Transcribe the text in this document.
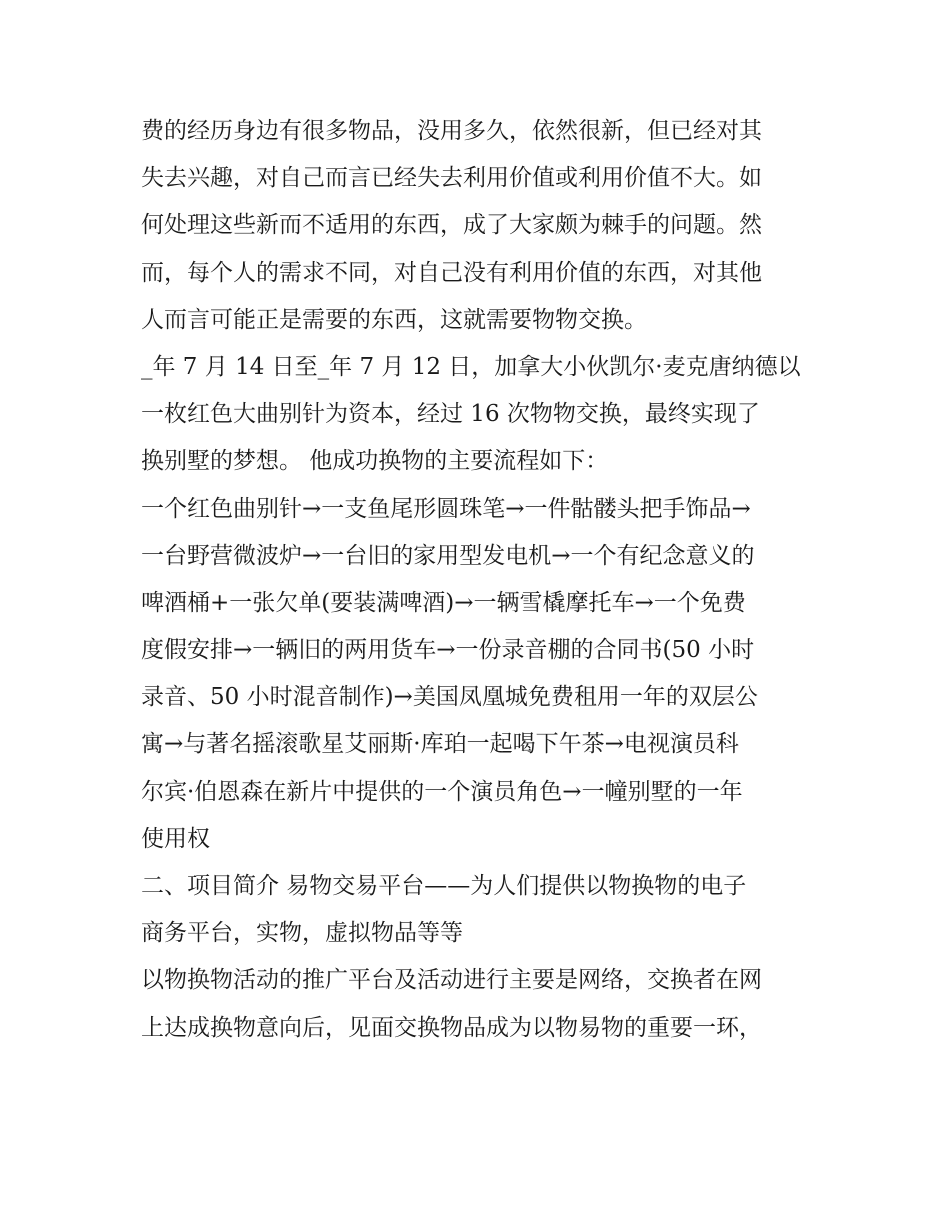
费的经历身边有很多物品，没用多久，依然很新，但已经对其
失去兴趣，对自己而言已经失去利用价值或利用价值不大。如
何处理这些新而不适用的东西，成了大家颇为棘手的问题。然
而，每个人的需求不同，对自己没有利用价值的东西，对其他
人而言可能正是需要的东西，这就需要物物交换。
_年 7 月 14 日至_年 7 月 12 日，加拿大小伙凯尔·麦克唐纳德以
一枚红色大曲别针为资本，经过 16 次物物交换，最终实现了
换别墅的梦想。 他成功换物的主要流程如下：
一个红色曲别针→一支鱼尾形圆珠笔→一件骷髅头把手饰品→
一台野营微波炉→一台旧的家用型发电机→一个有纪念意义的
啤酒桶+一张欠单(要装满啤酒)→一辆雪橇摩托车→一个免费
度假安排→一辆旧的两用货车→一份录音棚的合同书(50 小时
录音、50 小时混音制作)→美国凤凰城免费租用一年的双层公
寓→与著名摇滚歌星艾丽斯·库珀一起喝下午茶→电视演员科
尔宾·伯恩森在新片中提供的一个演员角色→一幢别墅的一年
使用权
二、项目简介 易物交易平台——为人们提供以物换物的电子
商务平台，实物，虚拟物品等等
以物换物活动的推广平台及活动进行主要是网络，交换者在网
上达成换物意向后，见面交换物品成为以物易物的重要一环，
